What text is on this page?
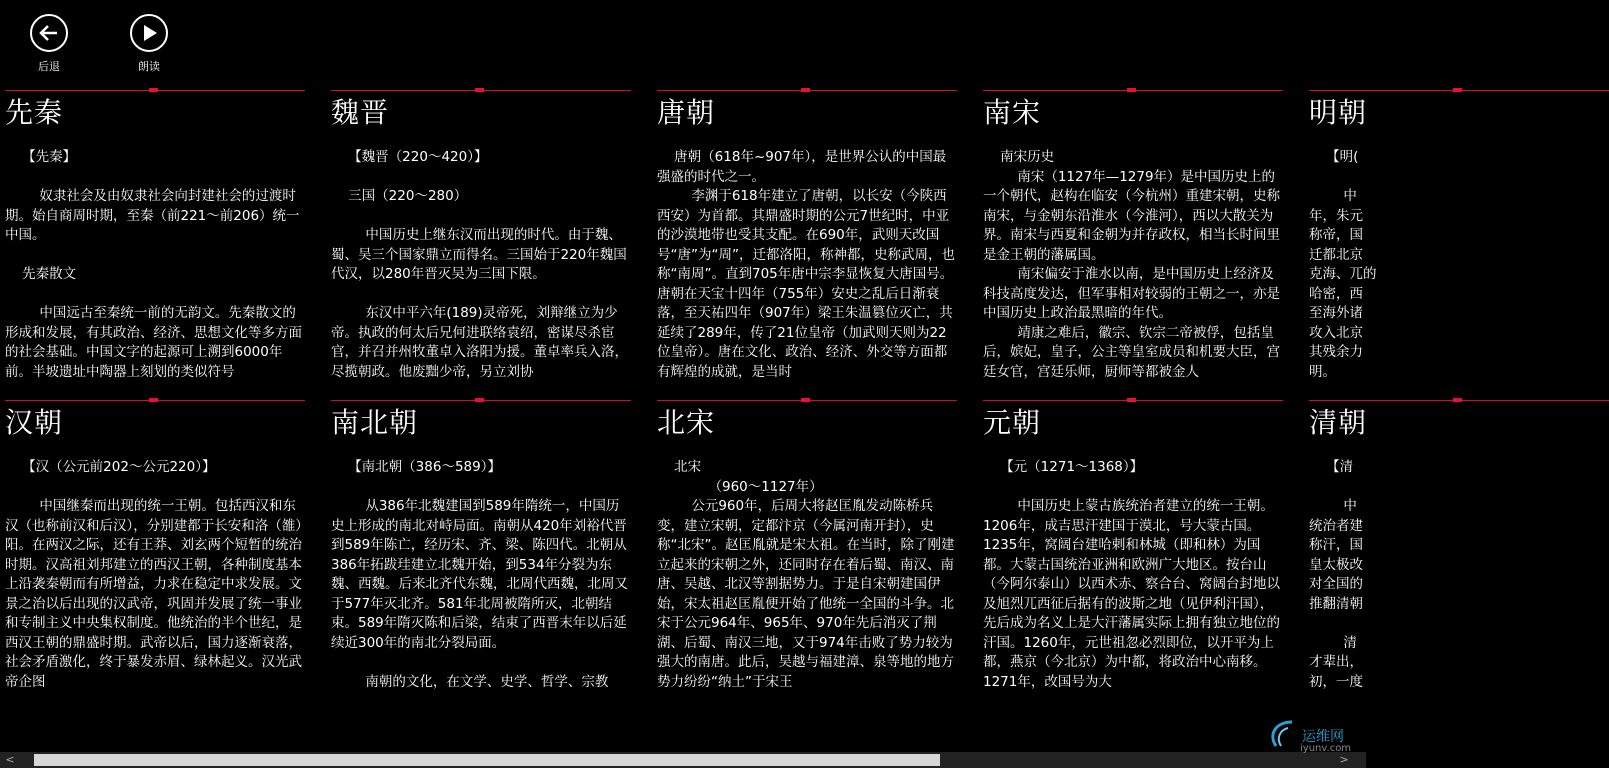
后退	朗读
先秦

【先秦】

奴隶社会及由奴隶社会向封建社会的过渡时期。始自商周时期，至秦（前221～前206）统一中国。

先秦散文

中国远古至秦统一前的无韵文。先秦散文的形成和发展，有其政治、经济、思想文化等多方面的社会基础。中国文字的起源可上溯到6000年前。半坡遗址中陶器上刻划的类似符号

魏晋

【魏晋（220～420）】

三国（220～280）

中国历史上继东汉而出现的时代。由于魏、蜀、吴三个国家鼎立而得名。三国始于220年魏国代汉，以280年晋灭吴为三国下限。

东汉中平六年(189)灵帝死，刘辩继立为少帝。执政的何太后兄何进联络袁绍，密谋尽杀宦官，并召并州牧董卓入洛阳为援。董卓率兵入洛，尽揽朝政。他废黜少帝，另立刘协

唐朝

唐朝（618年~907年），是世界公认的中国最强盛的时代之一。

李渊于618年建立了唐朝，以长安（今陕西西安）为首都。其鼎盛时期的公元7世纪时，中亚的沙漠地带也受其支配。在690年，武则天改国号“唐”为“周”，迁都洛阳，称神都，史称武周，也称“南周”。直到705年唐中宗李显恢复大唐国号。唐朝在天宝十四年（755年）安史之乱后日渐衰落，至天祐四年（907年）梁王朱温篡位灭亡，共延续了289年，传了21位皇帝（加武则天则为22位皇帝）。唐在文化、政治、经济、外交等方面都有辉煌的成就，是当时

南宋

南宋历史

南宋（1127年—1279年）是中国历史上的一个朝代，赵构在临安（今杭州）重建宋朝，史称南宋，与金朝东沿淮水（今淮河），西以大散关为界。南宋与西夏和金朝为并存政权，相当长时间里是金王朝的藩属国。

南宋偏安于淮水以南，是中国历史上经济及科技高度发达，但军事相对较弱的王朝之一，亦是中国历史上政治最黑暗的年代。

靖康之难后，徽宗、钦宗二帝被俘，包括皇后，嫔妃，皇子，公主等皇室成员和机要大臣，宫廷女官，宫廷乐师，厨师等都被金人

明朝

【明(

中

年，朱元

称帝，国

迁都北京

克海、兀的

哈密，西

至海外诸

攻入北京

其残余力

明。

汉朝

【汉（公元前202～公元220）】

中国继秦而出现的统一王朝。包括西汉和东汉（也称前汉和后汉），分别建都于长安和洛（雒）阳。在两汉之际，还有王莽、刘玄两个短暂的统治时期。汉高祖刘邦建立的西汉王朝，各种制度基本上沿袭秦朝而有所增益，力求在稳定中求发展。文景之治以后出现的汉武帝，巩固并发展了统一事业和专制主义中央集权制度。他统治的半个世纪，是西汉王朝的鼎盛时期。武帝以后，国力逐渐衰落，社会矛盾激化，终于暴发赤眉、绿林起义。汉光武帝企图

南北朝

【南北朝（386～589）】

从386年北魏建国到589年隋统一，中国历史上形成的南北对峙局面。南朝从420年刘裕代晋到589年陈亡，经历宋、齐、梁、陈四代。北朝从386年拓跋珪建立北魏开始，到534年分裂为东魏、西魏。后来北齐代东魏，北周代西魏，北周又于577年灭北齐。581年北周被隋所灭，北朝结束。589年隋灭陈和后梁，结束了西晋末年以后延续近300年的南北分裂局面。

南朝的文化，在文学、史学、哲学、宗教

北宋

北宋

（960～1127年）

公元960年，后周大将赵匡胤发动陈桥兵变，建立宋朝，定都汴京（今属河南开封），史称“北宋”。赵匡胤就是宋太祖。在当时，除了刚建立起来的宋朝之外，还同时存在着后蜀、南汉、南唐、吴越、北汉等割据势力。于是自宋朝建国伊始，宋太祖赵匡胤便开始了他统一全国的斗争。北宋于公元964年、965年、970年先后消灭了荆湖、后蜀、南汉三地，又于974年击败了势力较为强大的南唐。此后，吴越与福建漳、泉等地的地方势力纷纷“纳土”于宋王

元朝

【元（1271～1368）】

中国历史上蒙古族统治者建立的统一王朝。1206年，成吉思汗建国于漠北，号大蒙古国。1235年，窝阔台建哈剌和林城（即和林）为国都。大蒙古国统治亚洲和欧洲广大地区。按台山（今阿尔泰山）以西术赤、察合台、窝阔台封地以及旭烈兀西征后据有的波斯之地（见伊利汗国），先后成为名义上是大汗藩属实际上拥有独立地位的汗国。1260年，元世祖忽必烈即位，以开平为上都，燕京（今北京）为中都，将政治中心南移。1271年，改国号为大

清朝

【清

中

统治者建

称汗，国

皇太极改

对全国的

推翻清朝

清

才辈出，

初，一度

<	>
运维网
iyunv.com
